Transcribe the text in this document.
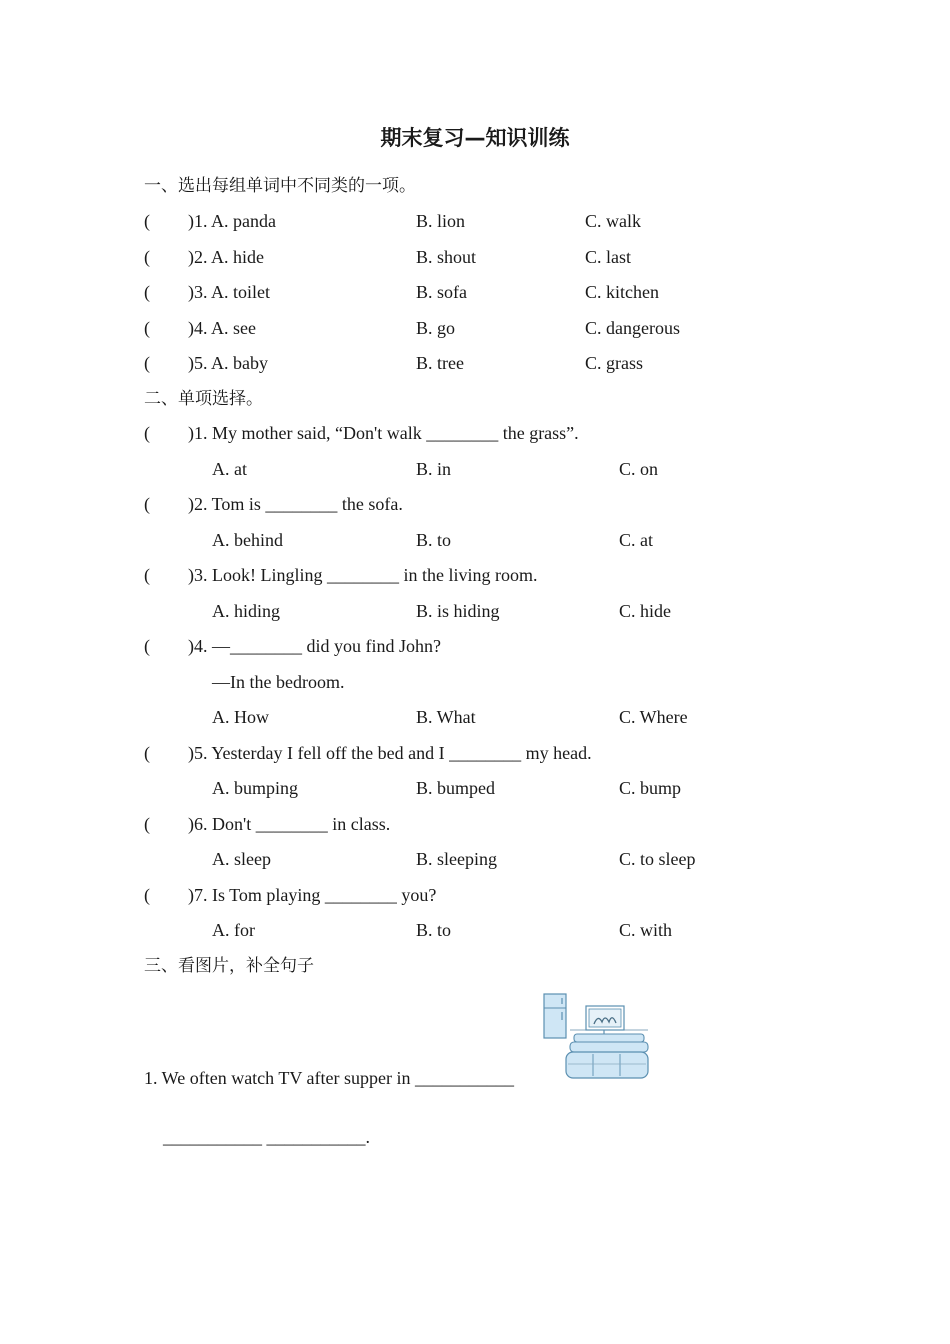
期末复习—知识训练
一、选出每组单词中不同类的一项。
( )1. A. panda	B. lion	C. walk
( )2. A. hide	B. shout	C. last
( )3. A. toilet	B. sofa	C. kitchen
( )4. A. see	B. go	C. dangerous
( )5. A. baby	B. tree	C. grass
二、单项选择。
( )1. My mother said, “Don't walk ________ the grass”.
A. at	B. in	C. on
( )2. Tom is ________ the sofa.
A. behind	B. to	C. at
( )3. Look! Lingling ________ in the living room.
A. hiding	B. is hiding	C. hide
( )4. —________ did you find John?
—In the bedroom.
A. How	B. What	C. Where
( )5. Yesterday I fell off the bed and I ________ my head.
A. bumping	B. bumped	C. bump
( )6. Don't ________ in class.
A. sleep	B. sleeping	C. to sleep
( )7. Is Tom playing ________ you?
A. for	B. to	C. with
三、看图片，补全句子
1. We often watch TV after supper in ___________
___________ ___________.
